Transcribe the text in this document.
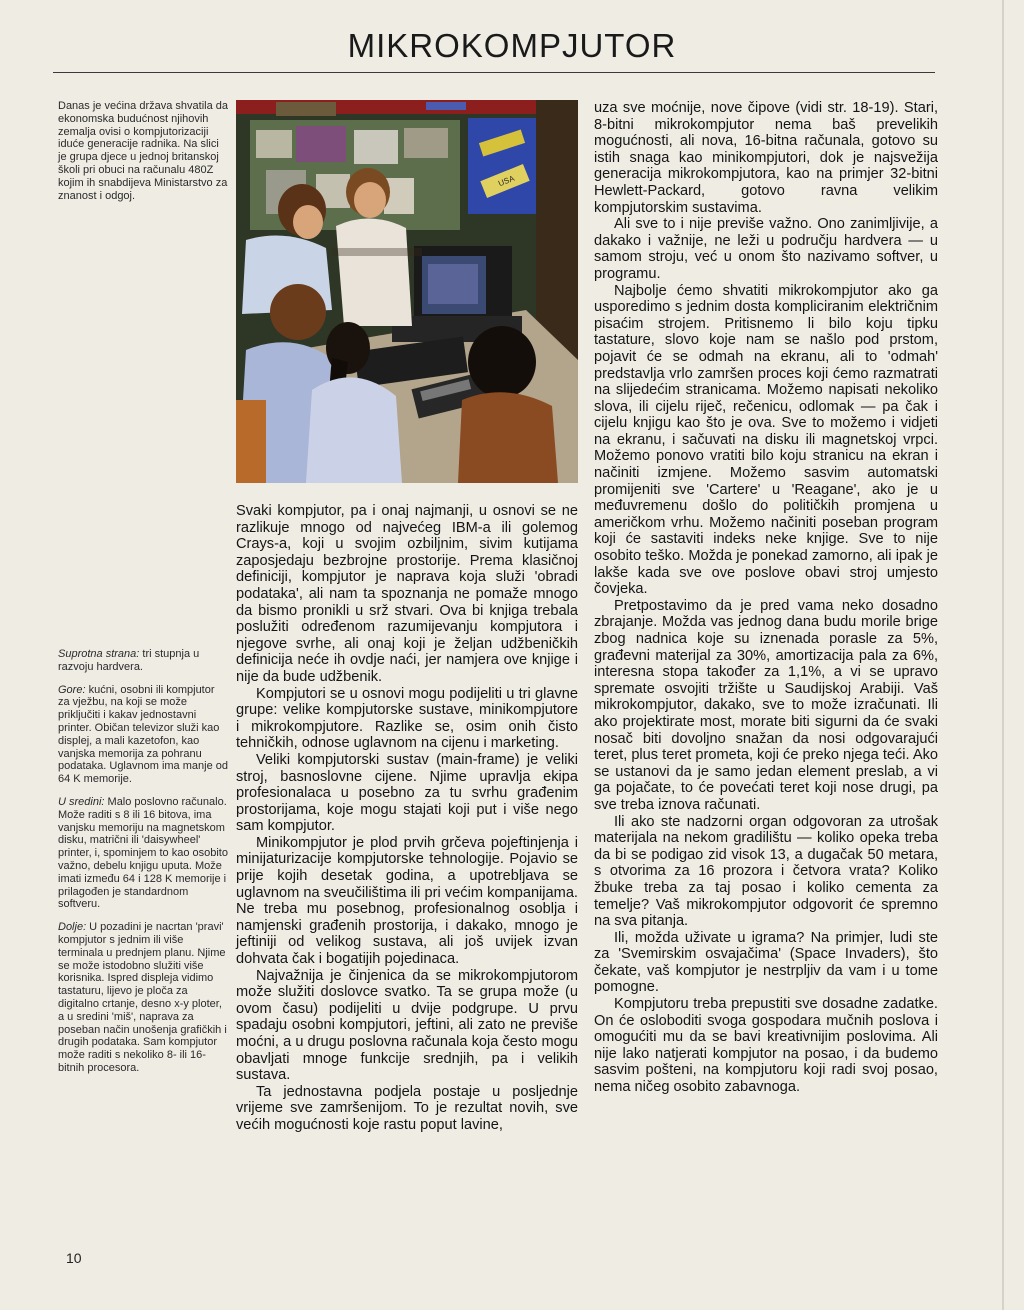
MIKROKOMPJUTOR

Danas je većina država shvatila da ekonomska budućnost njihovih zemalja ovisi o kompjutorizaciji iduće generacije radnika. Na slici je grupa djece u jednoj britanskoj školi pri obuci na računalu 480Z kojim ih snabdijeva Ministarstvo za znanost i odgoj.

Suprotna strana: tri stupnja u razvoju hardvera.

Gore: kućni, osobni ili kompjutor za vježbu, na koji se može priključiti i kakav jednostavni printer. Običan televizor služi kao displej, a mali kazetofon, kao vanjska memorija za pohranu podataka. Uglavnom ima manje od 64 K memorije.

U sredini: Malo poslovno računalo. Može raditi s 8 ili 16 bitova, ima vanjsku memoriju na magnetskom disku, matrični ili 'daisywheel' printer, i, spominjem to kao osobito važno, debelu knjigu uputa. Može imati između 64 i 128 K memorije i prilagođen je standardnom softveru.

Dolje: U pozadini je nacrtan 'pravi' kompjutor s jednim ili više terminala u prednjem planu. Njime se može istodobno služiti više korisnika. Ispred displeja vidimo tastaturu, lijevo je ploča za digitalno crtanje, desno x-y ploter, a u sredini 'miš', naprava za poseban način unošenja grafičkih i drugih podataka. Sam kompjutor može raditi s nekoliko 8- ili 16-bitnih procesora.

USA

Svaki kompjutor, pa i onaj najmanji, u osnovi se ne razlikuje mnogo od najvećeg IBM-a ili golemog Crays-a, koji u svojim ozbiljnim, sivim kutijama zaposjedaju bezbrojne prostorije. Prema klasičnoj definiciji, kompjutor je naprava koja služi 'obradi podataka', ali nam ta spoznanja ne pomaže mnogo da bismo pronikli u srž stvari. Ova bi knjiga trebala poslužiti određenom razumijevanju kompjutora i njegove svrhe, ali onaj koji je željan udžbeničkih definicija neće ih ovdje naći, jer namjera ove knjige i nije da bude udžbenik.

Kompjutori se u osnovi mogu podijeliti u tri glavne grupe: velike kompjutorske sustave, minikompjutore i mikrokompjutore. Razlike se, osim onih čisto tehničkih, odnose uglavnom na cijenu i marketing.

Veliki kompjutorski sustav (main-frame) je veliki stroj, basnoslovne cijene. Njime upravlja ekipa profesionalaca u posebno za tu svrhu građenim prostorijama, koje mogu stajati koji put i više nego sam kompjutor.

Minikompjutor je plod prvih grčeva pojeftinjenja i minijaturizacije kompjutorske tehnologije. Pojavio se prije kojih desetak godina, a upotrebljava se uglavnom na sveučilištima ili pri većim kompanijama. Ne treba mu posebnog, profesionalnog osoblja i namjenski građenih prostorija, i dakako, mnogo je jeftiniji od velikog sustava, ali još uvijek izvan dohvata čak i bogatijih pojedinaca.

Najvažnija je činjenica da se mikrokompjutorom može služiti doslovce svatko. Ta se grupa može (u ovom času) podijeliti u dvije podgrupe. U prvu spadaju osobni kompjutori, jeftini, ali zato ne previše moćni, a u drugu poslovna računala koja često mogu obavljati mnoge funkcije srednjih, pa i velikih sustava.

Ta jednostavna podjela postaje u posljednje vrijeme sve zamršenijom. To je rezultat novih, sve većih mogućnosti koje rastu poput lavine,

uza sve moćnije, nove čipove (vidi str. 18-19). Stari, 8-bitni mikrokompjutor nema baš prevelikih mogućnosti, ali nova, 16-bitna računala, gotovo su istih snaga kao minikompjutori, dok je najsvežija generacija mikrokompjutora, kao na primjer 32-bitni Hewlett-Packard, gotovo ravna velikim kompjutorskim sustavima.

Ali sve to i nije previše važno. Ono zanimljivije, a dakako i važnije, ne leži u području hardvera — u samom stroju, već u onom što nazivamo softver, u programu.

Najbolje ćemo shvatiti mikrokompjutor ako ga usporedimo s jednim dosta kompliciranim električnim pisaćim strojem. Pritisnemo li bilo koju tipku tastature, slovo koje nam se našlo pod prstom, pojavit će se odmah na ekranu, ali to 'odmah' predstavlja vrlo zamršen proces koji ćemo razmatrati na slijedećim stranicama. Možemo napisati nekoliko slova, ili cijelu riječ, rečenicu, odlomak — pa čak i cijelu knjigu kao što je ova. Sve to možemo i vidjeti na ekranu, i sačuvati na disku ili magnetskoj vrpci. Možemo ponovo vratiti bilo koju stranicu na ekran i načiniti izmjene. Možemo sasvim automatski promijeniti sve 'Cartere' u 'Reagane', ako je u međuvremenu došlo do političkih promjena u američkom vrhu. Možemo načiniti poseban program koji će sastaviti indeks neke knjige. Sve to nije osobito teško. Možda je ponekad zamorno, ali ipak je lakše kada sve ove poslove obavi stroj umjesto čovjeka.

Pretpostavimo da je pred vama neko dosadno zbrajanje. Možda vas jednog dana budu morile brige zbog nadnica koje su iznenada porasle za 5%, građevni materijal za 30%, amortizacija pala za 6%, interesna stopa također za 1,1%, a vi se upravo spremate osvojiti tržište u Saudijskoj Arabiji. Vaš mikrokompjutor, dakako, sve to može izračunati. Ili ako projektirate most, morate biti sigurni da će svaki nosač biti dovoljno snažan da nosi odgovarajući teret, plus teret prometa, koji će preko njega teći. Ako se ustanovi da je samo jedan element preslab, a vi ga pojačate, to će povećati teret koji nose drugi, pa sve treba iznova računati.

Ili ako ste nadzorni organ odgovoran za utrošak materijala na nekom gradilištu — koliko opeka treba da bi se podigao zid visok 13, a dugačak 50 metara, s otvorima za 16 prozora i četvora vrata? Koliko žbuke treba za taj posao i koliko cementa za temelje? Vaš mikrokompjutor odgovorit će spremno na sva pitanja.

Ili, možda uživate u igrama? Na primjer, ludi ste za 'Svemirskim osvajačima' (Space Invaders), što čekate, vaš kompjutor je nestrpljiv da vam i u tome pomogne.

Kompjutoru treba prepustiti sve dosadne zadatke. On će osloboditi svoga gospodara mučnih poslova i omogućiti mu da se bavi kreativnijim poslovima. Ali nije lako natjerati kompjutor na posao, i da budemo sasvim pošteni, na kompjutoru koji radi svoj posao, nema ničeg osobito zabavnoga.

10
